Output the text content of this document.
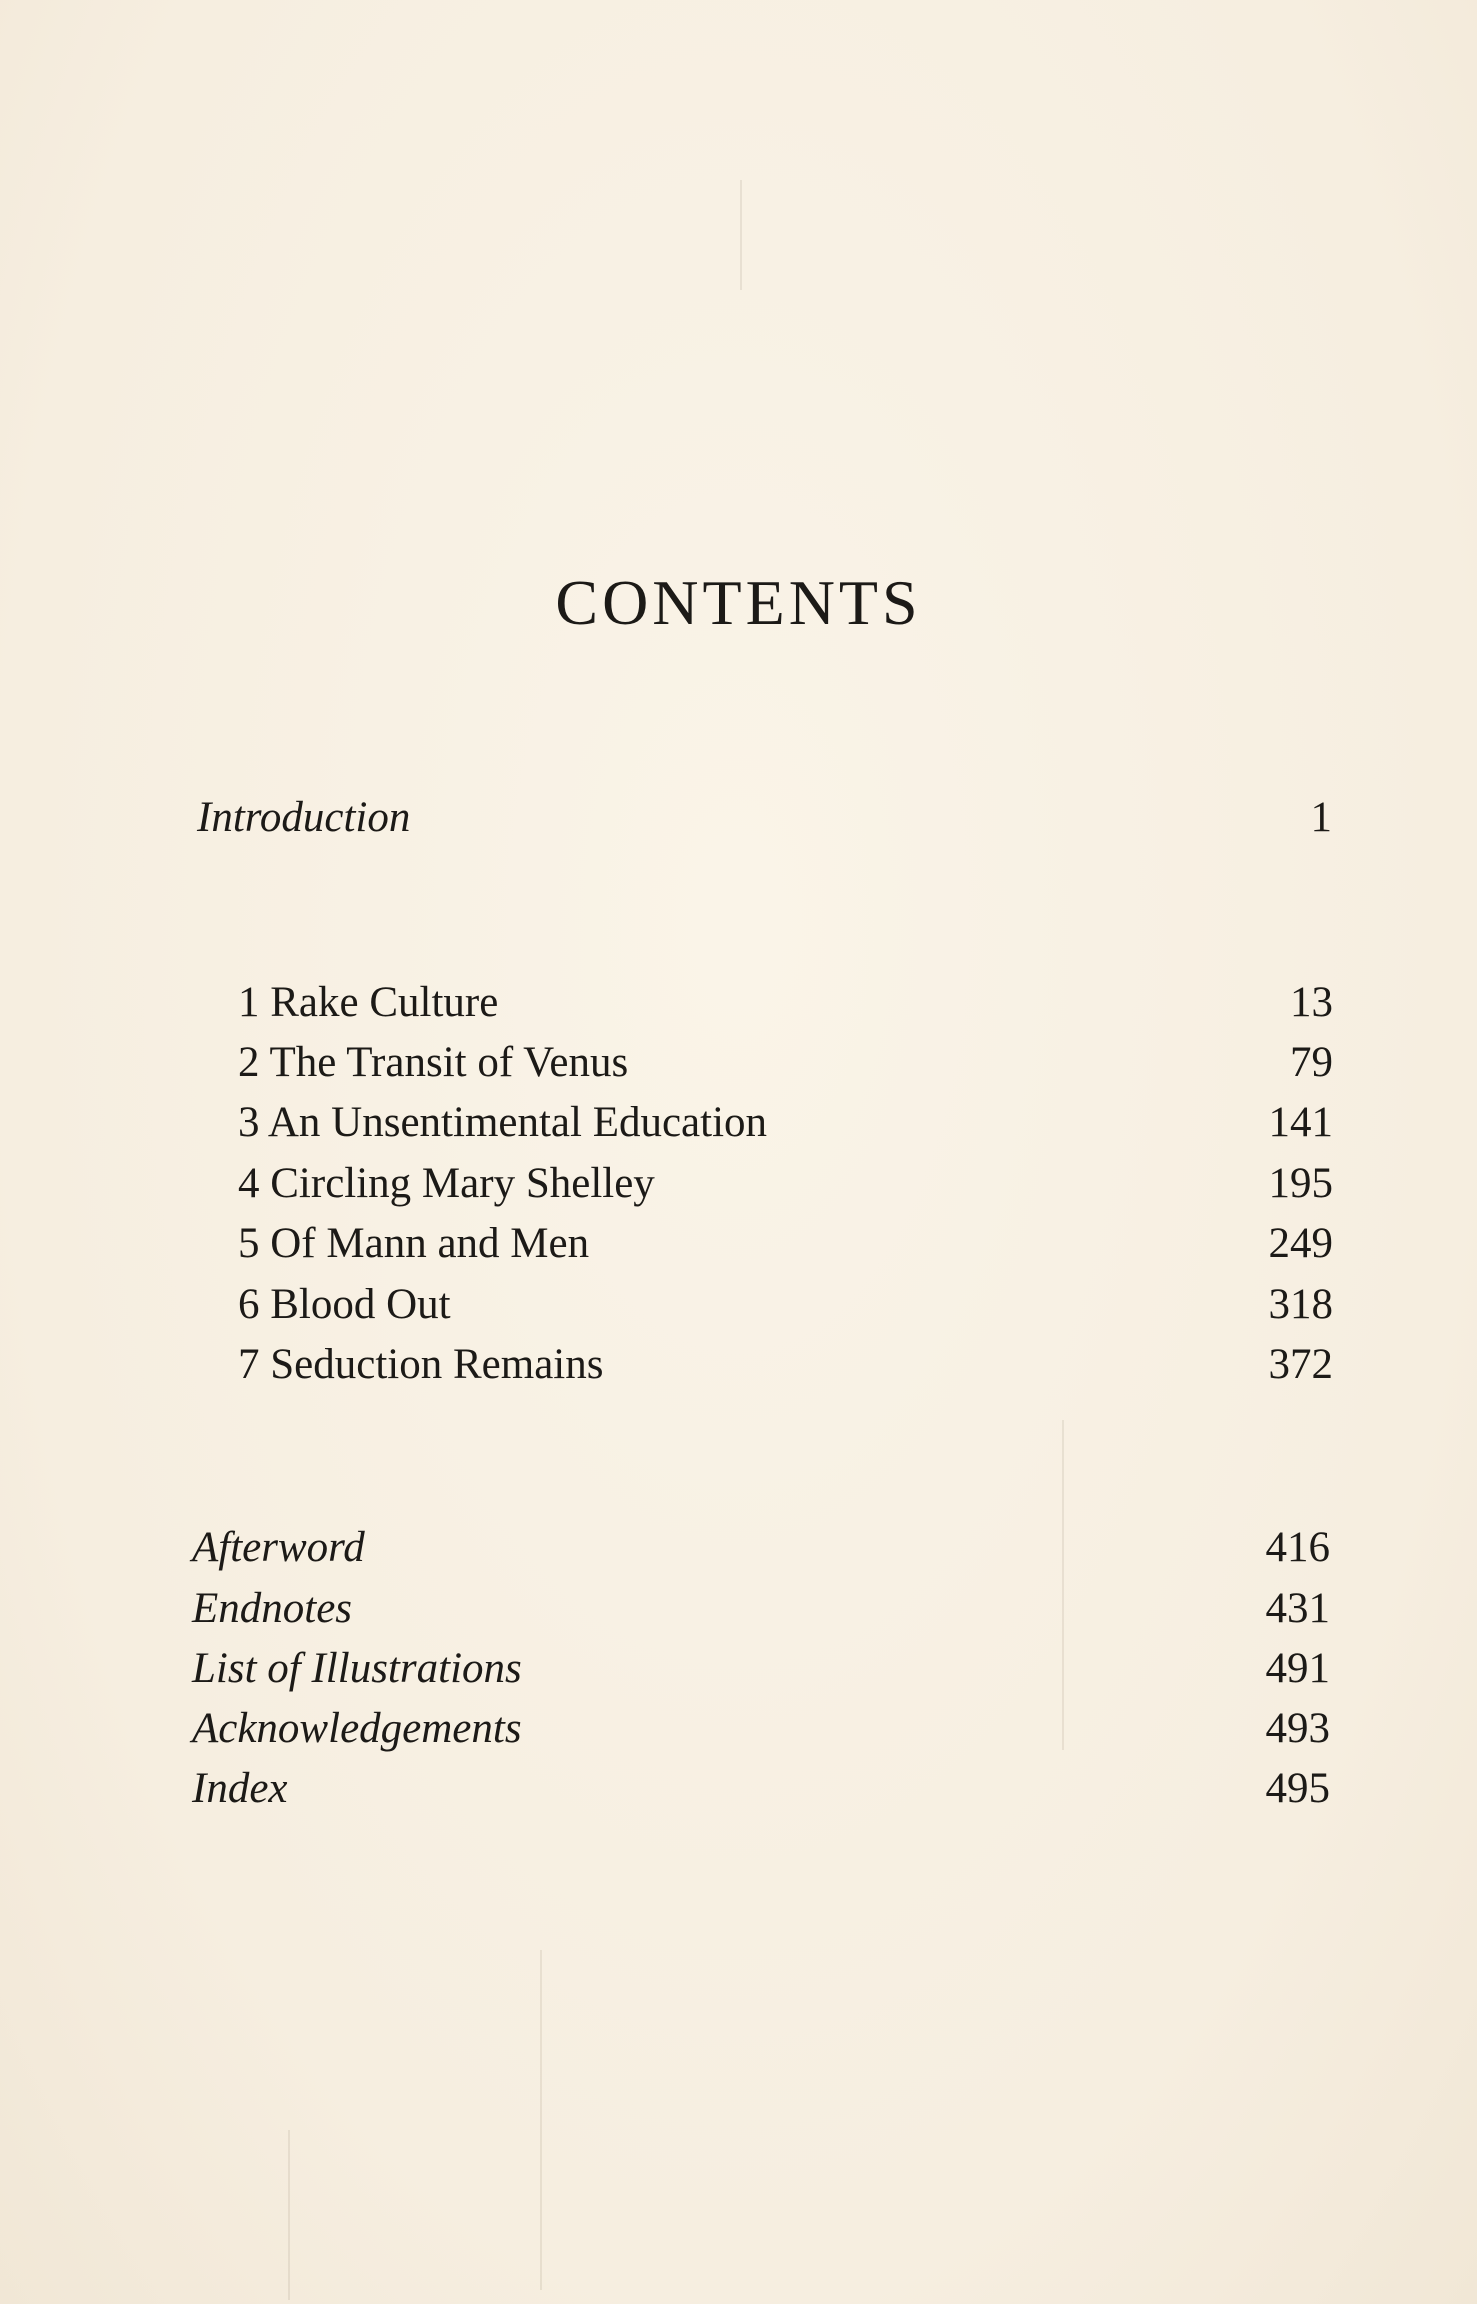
CONTENTS
Introduction	1
1 Rake Culture	13
2 The Transit of Venus	79
3 An Unsentimental Education	141
4 Circling Mary Shelley	195
5 Of Mann and Men	249
6 Blood Out	318
7 Seduction Remains	372
Afterword	416
Endnotes	431
List of Illustrations	491
Acknowledgements	493
Index	495
